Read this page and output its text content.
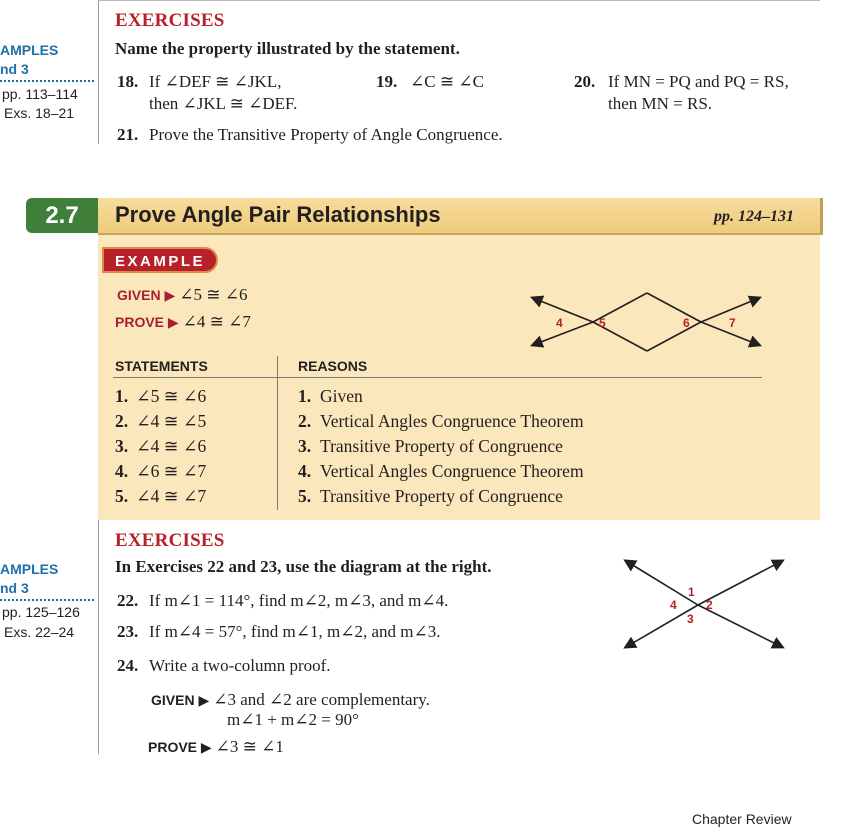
AMPLES
nd 3
pp. 113–114
Exs. 18–21
EXERCISES
Name the property illustrated by the statement.
18. If ∠DEF ≅ ∠JKL,
then ∠JKL ≅ ∠DEF.
19. ∠C ≅ ∠C	20. If MN = PQ and PQ = RS,
then MN = RS.
21. Prove the Transitive Property of Angle Congruence.
2.7	Prove Angle Pair Relationships	pp. 124–131
EXAMPLE
GIVEN ▶ ∠5 ≅ ∠6
PROVE ▶ ∠4 ≅ ∠7	4	5	6	7
STATEMENTS	REASONS
1. ∠5 ≅ ∠6	1. Given
2. ∠4 ≅ ∠5	2. Vertical Angles Congruence Theorem
3. ∠4 ≅ ∠6	3. Transitive Property of Congruence
4. ∠6 ≅ ∠7	4. Vertical Angles Congruence Theorem
5. ∠4 ≅ ∠7	5. Transitive Property of Congruence
AMPLES
nd 3
pp. 125–126
Exs. 22–24
EXERCISES
In Exercises 22 and 23, use the diagram at the right.
22. If m∠1 = 114°, find m∠2, m∠3, and m∠4.
23. If m∠4 = 57°, find m∠1, m∠2, and m∠3.
24. Write a two-column proof.
GIVEN ▶ ∠3 and ∠2 are complementary.
m∠1 + m∠2 = 90°
PROVE ▶ ∠3 ≅ ∠1
1
2
3
4
Chapter Review
